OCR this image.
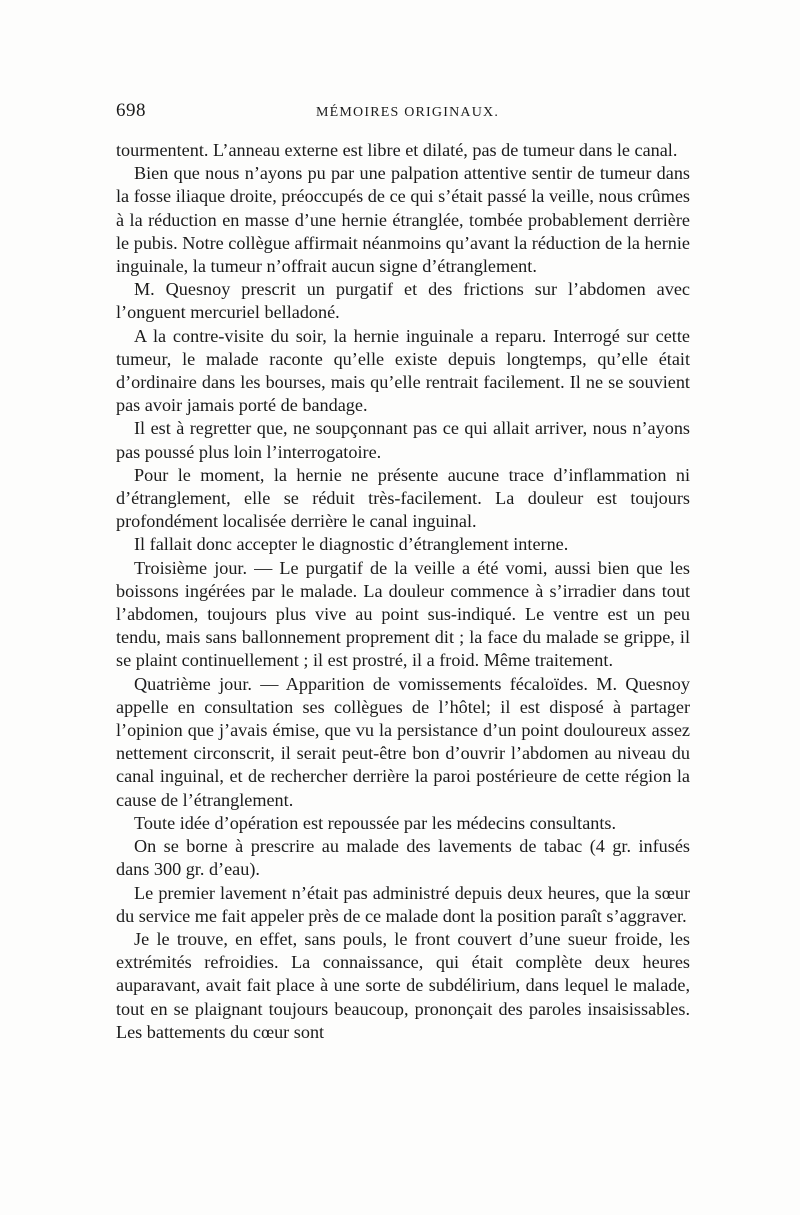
698	MÉMOIRES ORIGINAUX.

tourmentent. L’anneau externe est libre et dilaté, pas de tumeur dans le canal.

Bien que nous n’ayons pu par une palpation attentive sentir de tumeur dans la fosse iliaque droite, préoccupés de ce qui s’était passé la veille, nous crûmes à la réduction en masse d’une hernie étranglée, tombée probablement derrière le pubis. Notre collègue affirmait néanmoins qu’avant la réduction de la hernie inguinale, la tumeur n’offrait aucun signe d’étranglement.

M. Quesnoy prescrit un purgatif et des frictions sur l’abdomen avec l’onguent mercuriel belladoné.

A la contre-visite du soir, la hernie inguinale a reparu. Interrogé sur cette tumeur, le malade raconte qu’elle existe depuis longtemps, qu’elle était d’ordinaire dans les bourses, mais qu’elle rentrait facilement. Il ne se souvient pas avoir jamais porté de bandage.

Il est à regretter que, ne soupçonnant pas ce qui allait arriver, nous n’ayons pas poussé plus loin l’interrogatoire.

Pour le moment, la hernie ne présente aucune trace d’inflammation ni d’étranglement, elle se réduit très-facilement. La douleur est toujours profondément localisée derrière le canal inguinal.

Il fallait donc accepter le diagnostic d’étranglement interne.

Troisième jour. — Le purgatif de la veille a été vomi, aussi bien que les boissons ingérées par le malade. La douleur commence à s’irradier dans tout l’abdomen, toujours plus vive au point sus-indiqué. Le ventre est un peu tendu, mais sans ballonnement proprement dit ; la face du malade se grippe, il se plaint continuellement ; il est prostré, il a froid. Même traitement.

Quatrième jour. — Apparition de vomissements fécaloïdes. M. Quesnoy appelle en consultation ses collègues de l’hôtel; il est disposé à partager l’opinion que j’avais émise, que vu la persistance d’un point douloureux assez nettement circonscrit, il serait peut-être bon d’ouvrir l’abdomen au niveau du canal inguinal, et de rechercher derrière la paroi postérieure de cette région la cause de l’étranglement.

Toute idée d’opération est repoussée par les médecins consultants.

On se borne à prescrire au malade des lavements de tabac (4 gr. infusés dans 300 gr. d’eau).

Le premier lavement n’était pas administré depuis deux heures, que la sœur du service me fait appeler près de ce malade dont la position paraît s’aggraver.

Je le trouve, en effet, sans pouls, le front couvert d’une sueur froide, les extrémités refroidies. La connaissance, qui était complète deux heures auparavant, avait fait place à une sorte de subdélirium, dans lequel le malade, tout en se plaignant toujours beaucoup, prononçait des paroles insaisissables. Les battements du cœur sont
